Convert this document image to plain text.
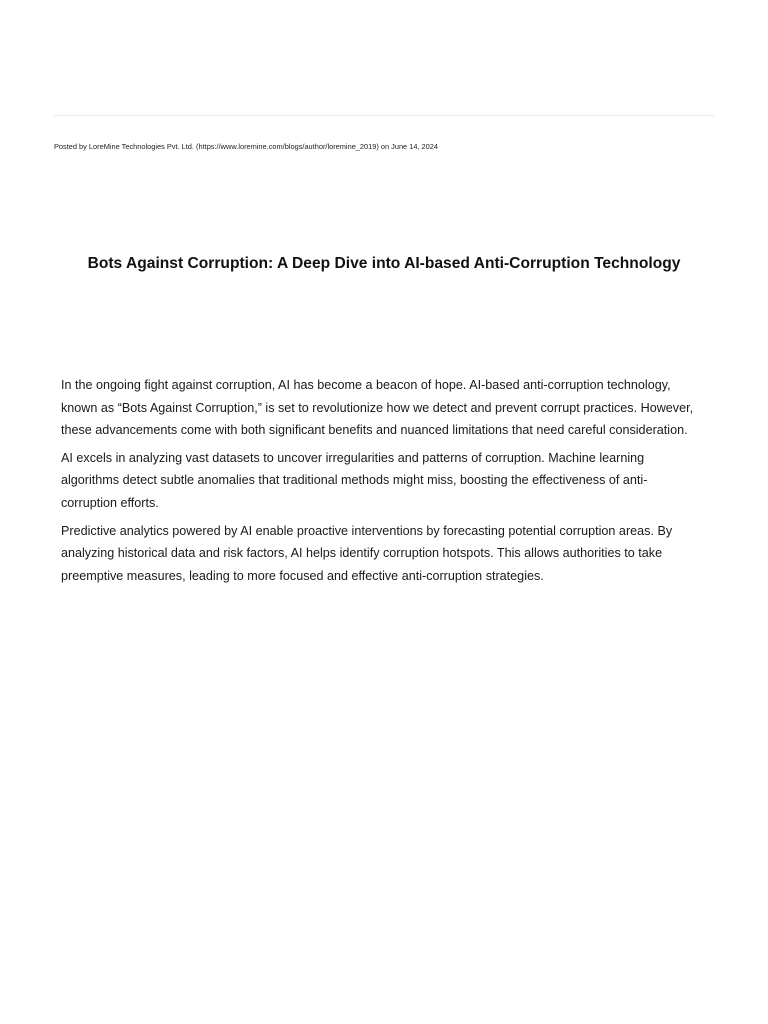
Posted by LoreMine Technologies Pvt. Ltd. (https://www.loremine.com/blogs/author/loremine_2019) on June 14, 2024
Bots Against Corruption: A Deep Dive into AI-based Anti-Corruption Technology

In the ongoing fight against corruption, AI has become a beacon of hope. AI-based anti-corruption technology, known as “Bots Against Corruption,” is set to revolutionize how we detect and prevent corrupt practices. However, these advancements come with both significant benefits and nuanced limitations that need careful consideration.

AI excels in analyzing vast datasets to uncover irregularities and patterns of corruption. Machine learning algorithms detect subtle anomalies that traditional methods might miss, boosting the effectiveness of anti-corruption efforts.

Predictive analytics powered by AI enable proactive interventions by forecasting potential corruption areas. By analyzing historical data and risk factors, AI helps identify corruption hotspots. This allows authorities to take preemptive measures, leading to more focused and effective anti-corruption strategies.
